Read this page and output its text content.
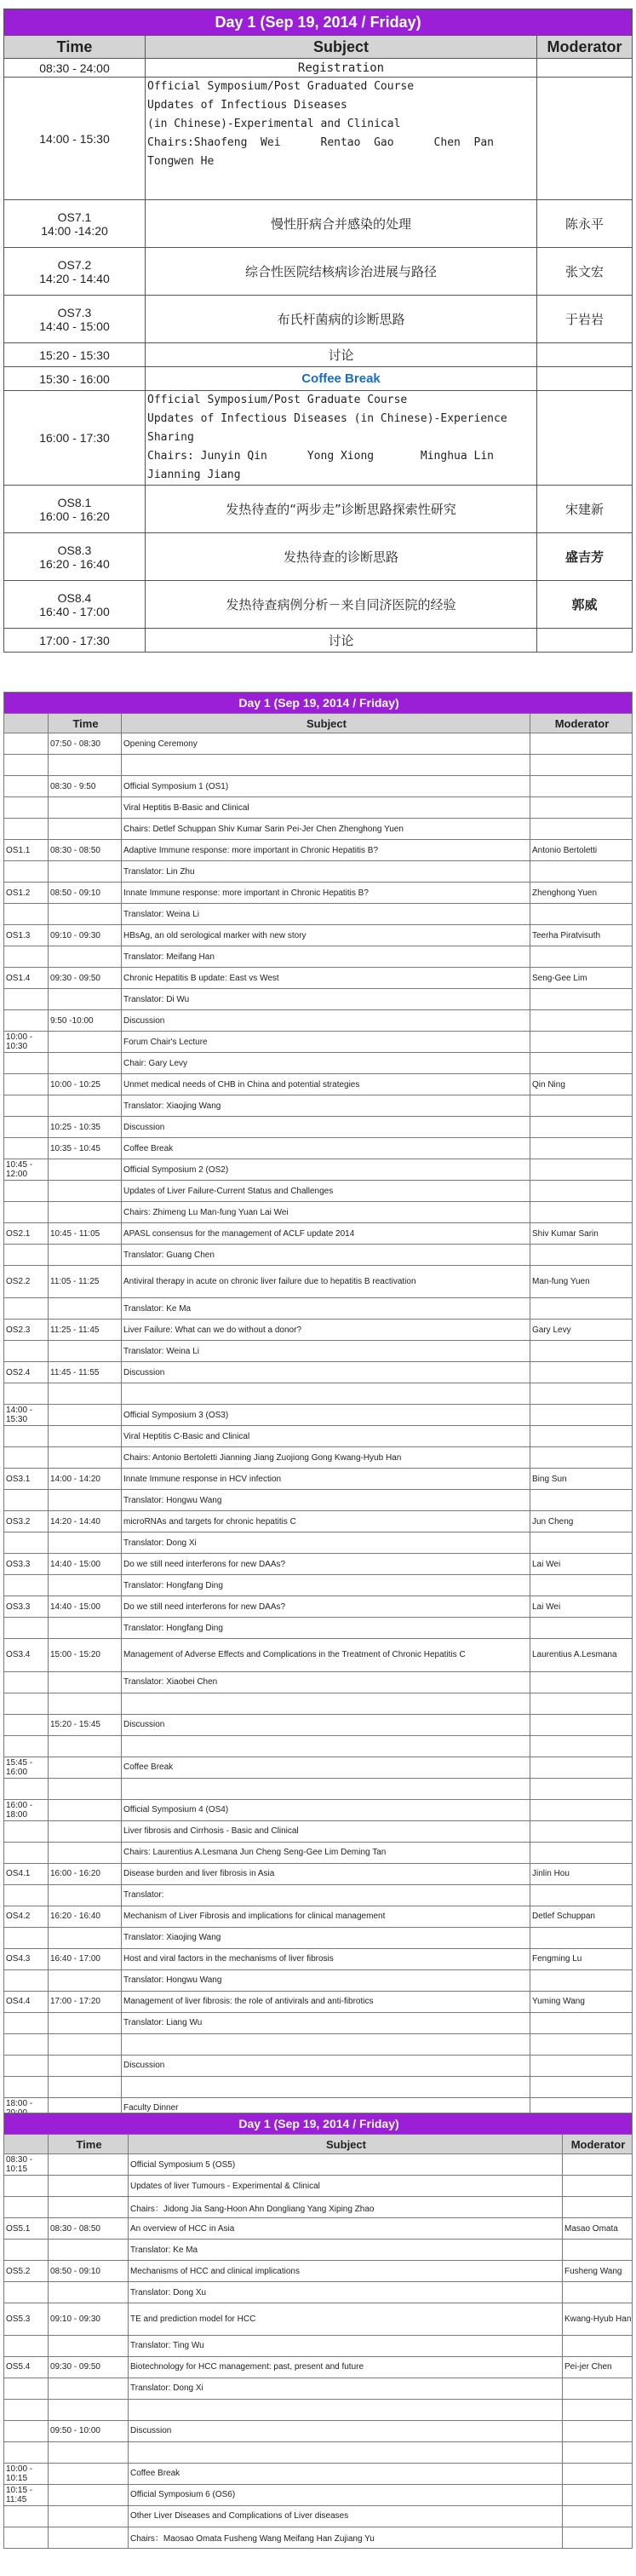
Day 1 (Sep 19, 2014 / Friday)		
Time	Subject	Moderator
08:30 - 24:00	Registration	
14:00 - 15:30	Official Symposium/Post Graduated Course
Updates of Infectious Diseases
(in Chinese)-Experimental and Clinical
Chairs:Shaofeng  Wei      Rentao  Gao      Chen  Pan
Tongwen He	
OS7.1
14:00 -14:20	慢性肝病合并感染的处理	陈永平
OS7.2
14:20 - 14:40	综合性医院结核病诊治进展与路径	张文宏
OS7.3
14:40 - 15:00	布氏杆菌病的诊断思路	于岩岩
15:20 - 15:30	讨论	
15:30 - 16:00	Coffee Break	
16:00 - 17:30	Official Symposium/Post Graduate Course
Updates of Infectious Diseases (in Chinese)-Experience Sharing
Chairs: Junyin Qin      Yong Xiong       Minghua Lin  Jianning Jiang	
OS8.1
16:00 - 16:20	发热待查的“两步走”诊断思路探索性研究	宋建新
OS8.3
16:20 - 16:40	发热待查的诊断思路	盛吉芳
OS8.4
16:40 - 17:00	发热待查病例分析－来自同济医院的经验	郭威
17:00 - 17:30	讨论	
Day 1 (Sep 19, 2014 / Friday)			
	Time	Subject	Moderator
	07:50 - 08:30	Opening Ceremony	

	08:30 - 9:50	Official Symposium 1 (OS1)	
		Viral Heptitis B-Basic and Clinical	
		Chairs: Detlef Schuppan Shiv Kumar Sarin Pei-Jer Chen Zhenghong Yuen	
OS1.1	08:30 - 08:50	Adaptive Immune response: more important in Chronic Hepatitis B?	Antonio Bertoletti
		Translator: Lin Zhu	
OS1.2	08:50 - 09:10	Innate Immune response: more important in Chronic Hepatitis B?	Zhenghong Yuen
		Translator: Weina Li	
OS1.3	09:10 - 09:30	HBsAg, an old serological marker with new story	Teerha Piratvisuth
		Translator: Meifang Han	
OS1.4	09:30 - 09:50	Chronic Hepatitis B update: East vs West	Seng-Gee Lim
		Translator: Di Wu	
	9:50 -10:00	Discussion	
10:00 - 10:30		Forum Chair's Lecture	
		Chair: Gary Levy	
	10:00 - 10:25	Unmet medical needs of CHB in China and potential strategies	Qin Ning
		Translator: Xiaojing Wang	
	10:25 - 10:35	Discussion	
	10:35 - 10:45	Coffee Break	
10:45 - 12:00		Official Symposium 2 (OS2)	
		Updates of Liver Failure-Current Status and Challenges	
		Chairs: Zhimeng Lu Man-fung Yuan Lai Wei	
OS2.1	10:45 - 11:05	APASL consensus for the management of ACLF update 2014	Shiv Kumar Sarin
		Translator: Guang Chen	
OS2.2	11:05 - 11:25	Antiviral therapy in acute on chronic liver failure due to hepatitis B reactivation	Man-fung Yuen
		Translator: Ke Ma	
OS2.3	11:25 - 11:45	Liver Failure: What can we do without a donor?	Gary Levy
		Translator: Weina Li	
OS2.4	11:45 - 11:55	Discussion	

14:00 - 15:30		Official Symposium 3 (OS3)	
		Viral Heptitis C-Basic and Clinical	
		Chairs: Antonio Bertoletti Jianning Jiang Zuojiong Gong Kwang-Hyub Han	
OS3.1	14:00 - 14:20	Innate Immune response in HCV infection	Bing Sun
		Translator: Hongwu Wang	
OS3.2	14:20 - 14:40	microRNAs and targets for chronic hepatitis C	Jun Cheng
		Translator: Dong Xi	
OS3.3	14:40 - 15:00	Do we still need interferons for new DAAs?	Lai Wei
		Translator: Hongfang Ding	
OS3.3	14:40 - 15:00	Do we still need interferons for new DAAs?	Lai Wei
		Translator: Hongfang Ding	
OS3.4	15:00 - 15:20	Management of Adverse Effects and Complications in the Treatment of Chronic Hepatitis C	Laurentius A.Lesmana
		Translator: Xiaobei Chen	

	15:20 - 15:45	Discussion	

15:45 - 16:00		Coffee Break	

16:00 - 18:00		Official Symposium 4 (OS4)	
		Liver fibrosis and Cirrhosis - Basic and Clinical	
		Chairs: Laurentius A.Lesmana Jun Cheng Seng-Gee Lim Deming Tan	
OS4.1	16:00 - 16:20	Disease burden and liver fibrosis in Asia	Jinlin Hou
		Translator:	
OS4.2	16:20 - 16:40	Mechanism of Liver Fibrosis and implications for clinical management	Detlef Schuppan
		Translator: Xiaojing Wang	
OS4.3	16:40 - 17:00	Host and viral factors in the mechanisms of liver fibrosis	Fengming Lu
		Translator: Hongwu Wang	
OS4.4	17:00 - 17:20	Management of liver fibrosis: the role of antivirals and anti-fibrotics	Yuming Wang
		Translator: Liang Wu	

		Discussion	

18:00 -		Faculty Dinner	
Day 1 (Sep 19, 2014 / Friday)			
	Time	Subject	Moderator
08:30 - 10:15		Official Symposium 5 (OS5)	
		Updates of liver Tumours - Experimental & Clinical	
		Chairs：Jidong Jia Sang-Hoon Ahn Dongliang Yang Xiping Zhao	
OS5.1	08:30 - 08:50	An overview of HCC in Asia	Masao Omata
		Translator: Ke Ma	
OS5.2	08:50 - 09:10	Mechanisms of HCC and clinical implications	Fusheng Wang
		Translator: Dong Xu	
OS5.3	09:10 - 09:30	TE and prediction model for HCC	Kwang-Hyub Han
		Translator: Ting Wu	
OS5.4	09:30 - 09:50	Biotechnology for HCC management: past, present and future	Pei-jer Chen
		Translator: Dong Xi	

	09:50 - 10:00	Discussion	

10:00 - 10:15		Coffee Break	
10:15 - 11:45		Official Symposium 6 (OS6)	
		Other Liver Diseases and Complications of Liver diseases	
		Chairs：Maosao Omata Fusheng Wang Meifang Han Zujiang Yu	
